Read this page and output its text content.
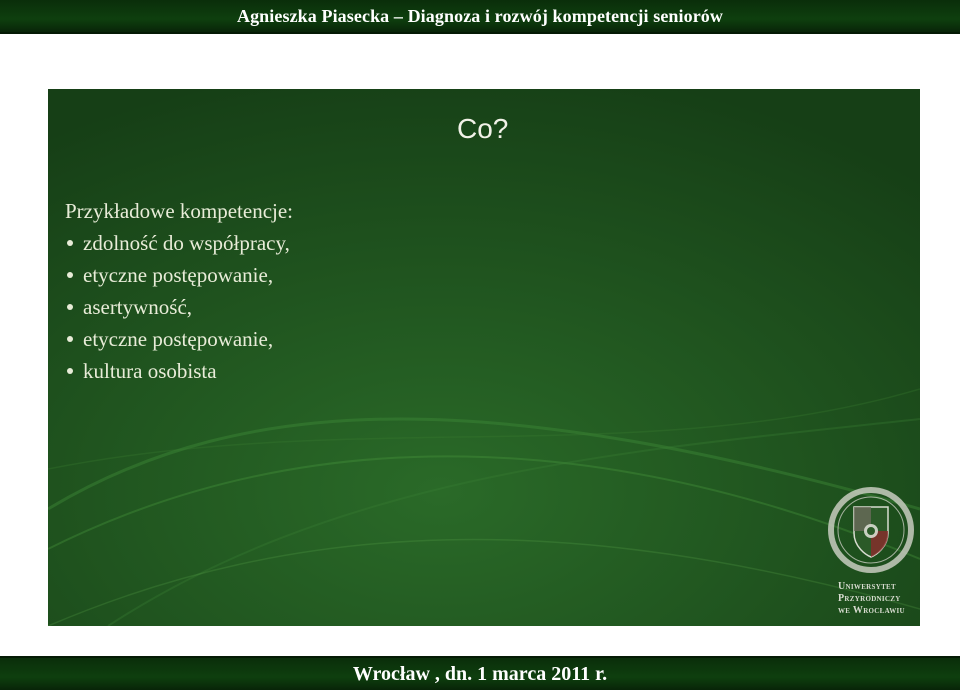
Agnieszka Piasecka – Diagnoza i rozwój kompetencji seniorów
Co?
Przykładowe kompetencje:
zdolność do współpracy,
etyczne postępowanie,
asertywność,
etyczne postępowanie,
kultura osobista
Uniwersytet
Przyrodniczy
we Wrocławiu
Wrocław , dn. 1 marca 2011 r.
